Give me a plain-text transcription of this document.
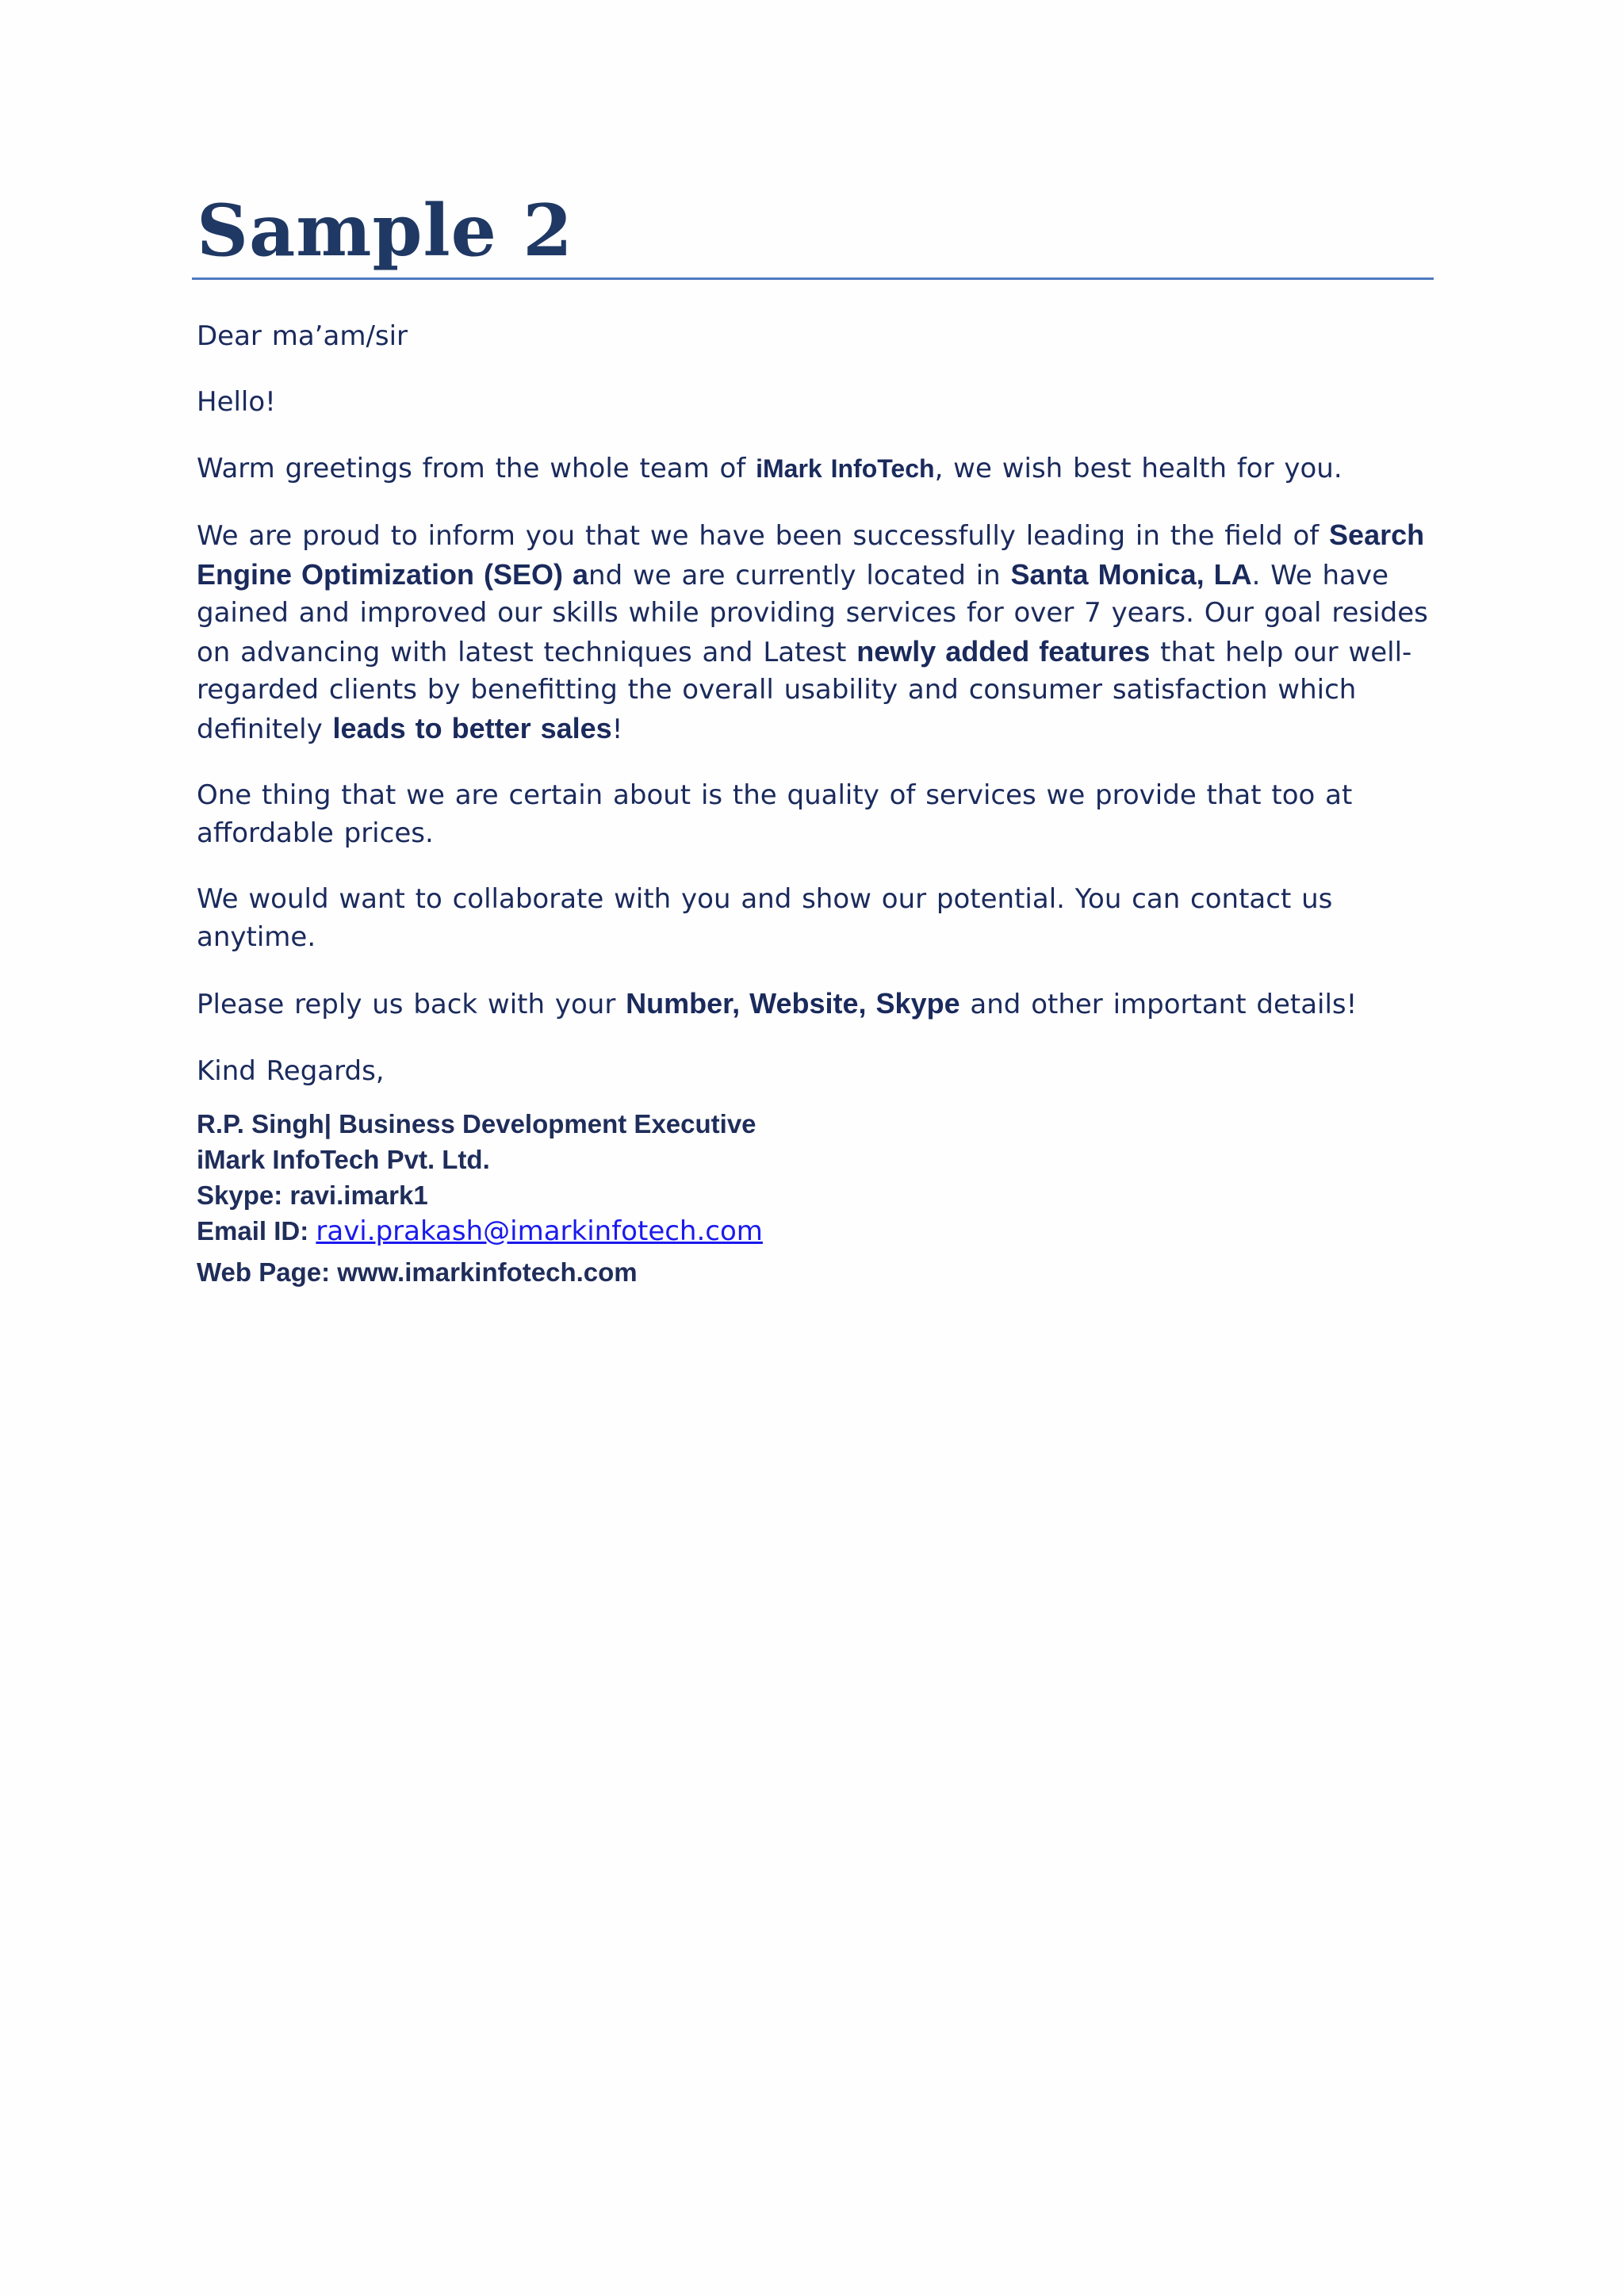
Sample 2

Dear ma’am/sir

Hello!

Warm greetings from the whole team of iMark InfoTech, we wish best health for you.

We are proud to inform you that we have been successfully leading in the field of Search Engine Optimization (SEO) and we are currently located in Santa Monica, LA. We have gained and improved our skills while providing services for over 7 years. Our goal resides on advancing with latest techniques and Latest newly added features that help our well-regarded clients by benefitting the overall usability and consumer satisfaction which definitely leads to better sales!

One thing that we are certain about is the quality of services we provide that too at affordable prices.

We would want to collaborate with you and show our potential. You can contact us anytime.

Please reply us back with your Number, Website, Skype and other important details!

Kind Regards,

R.P. Singh| Business Development Executive
iMark InfoTech Pvt. Ltd.
Skype: ravi.imark1
Email ID: ravi.prakash@imarkinfotech.com
Web Page: www.imarkinfotech.com
